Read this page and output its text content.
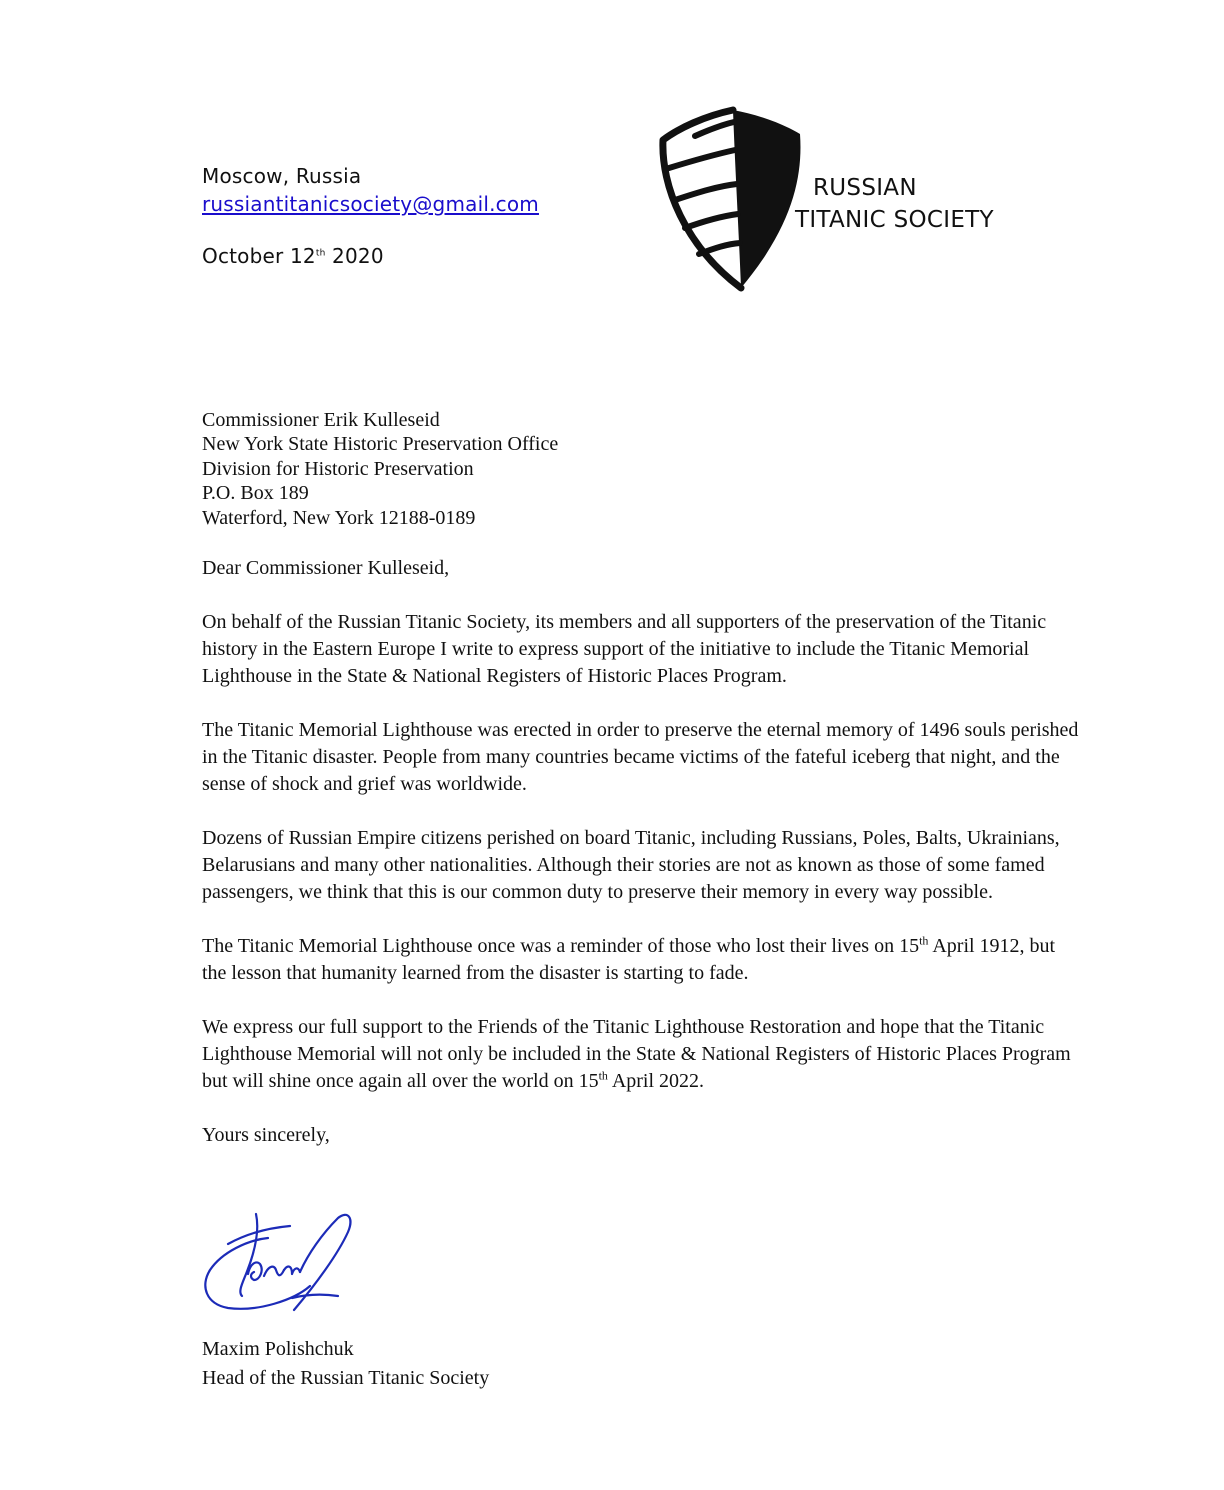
Moscow, Russia
russiantitanicsociety@gmail.com
October 12th 2020
RUSSIAN
TITANIC SOCIETY
Commissioner Erik Kulleseid
New York State Historic Preservation Office
Division for Historic Preservation
P.O. Box 189
Waterford, New York 12188-0189

Dear Commissioner Kulleseid,

On behalf of the Russian Titanic Society, its members and all supporters of the preservation of the Titanic history in the Eastern Europe I write to express support of the initiative to include the Titanic Memorial Lighthouse in the State & National Registers of Historic Places Program.

The Titanic Memorial Lighthouse was erected in order to preserve the eternal memory of 1496 souls perished in the Titanic disaster. People from many countries became victims of the fateful iceberg that night, and the sense of shock and grief was worldwide.

Dozens of Russian Empire citizens perished on board Titanic, including Russians, Poles, Balts, Ukrainians, Belarusians and many other nationalities. Although their stories are not as known as those of some famed passengers, we think that this is our common duty to preserve their memory in every way possible.

The Titanic Memorial Lighthouse once was a reminder of those who lost their lives on 15th April 1912, but the lesson that humanity learned from the disaster is starting to fade.

We express our full support to the Friends of the Titanic Lighthouse Restoration and hope that the Titanic Lighthouse Memorial will not only be included in the State & National Registers of Historic Places Program but will shine once again all over the world on 15th April 2022.

Yours sincerely,

Maxim Polishchuk
Head of the Russian Titanic Society
